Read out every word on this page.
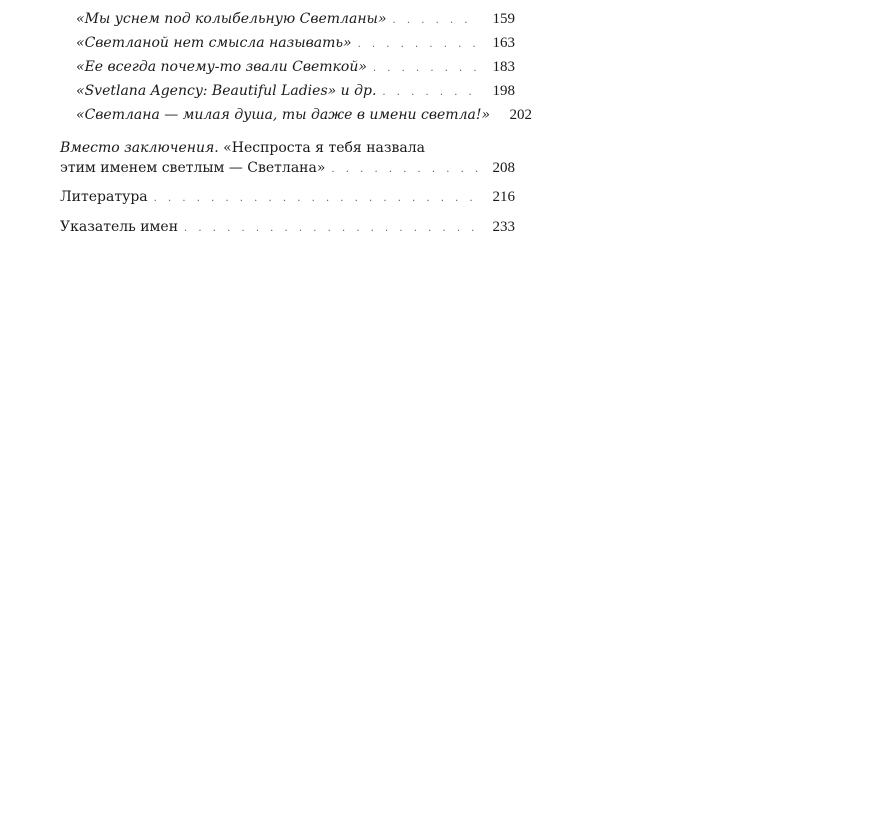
«Мы уснем под колыбельную Светланы» . . .	159
«Светланой нет смысла называть» . . .	163
«Ее всегда почему-то звали Светкой» . . .	183
«Svetlana Agency: Beautiful Ladies» и др. . . .	198
«Светлана — милая душа, ты даже в имени светла!»	202
Вместо заключения. «Неспроста я тебя назвала
этим именем светлым — Светлана» . . .	208
Литература . . .	216
Указатель имен . . .	233
